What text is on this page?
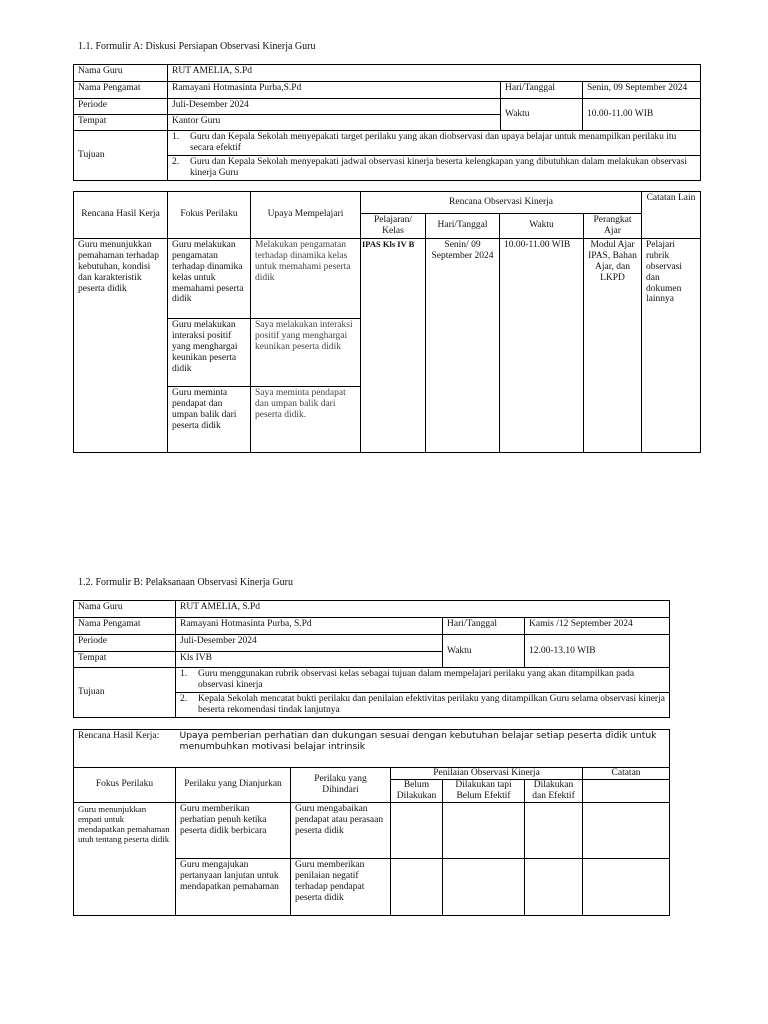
1.1. Formulir A: Diskusi Persiapan Observasi Kinerja Guru
Nama Guru	RUT AMELIA, S.Pd		
Nama Pengamat	Ramayani Hotmasinta Purba,S.Pd	Hari/Tanggal	Senin, 09 September 2024
Periode	Juli-Desember 2024	Waktu	10.00-11.00 WIB
Tempat	Kantor Guru		
Tujuan	1. Guru dan Kepala Sekolah menyepakati target perilaku yang akan diobservasi dan upaya belajar untuk menampilkan perilaku itu secara efektif		

	2. Guru dan Kepala Sekolah menyepakati jadwal observasi kinerja beserta kelengkapan yang dibutuhkan dalam melakukan observasi kinerja Guru		
Rencana Hasil Kerja	Fokus Perilaku	Upaya Mempelajari	Rencana Observasi Kinerja				Catatan Lain
			Pelajaran/ Kelas	Hari/Tanggal	Waktu	Perangkat Ajar	
Guru menunjukkan pemahaman terhadap kebutuhan, kondisi dan karakteristik peserta didik	Guru melakukan pengamatan terhadap dinamika kelas untuk memahami peserta didik	Melakukan pengamatan terhadap dinamika kelas untuk memahami peserta didik	IPAS Kls IV B	Senin/ 09 September 2024	10.00-11.00 WIB	Modul Ajar IPAS, Bahan Ajar, dan LKPD	Pelajari rubrik observasi dan dokumen lainnya
	Guru melakukan interaksi positif yang menghargai keunikan peserta didik	Saya melakukan interaksi positif yang menghargai keunikan peserta didik					
	Guru meminta pendapat dan umpan balik dari peserta didik	Saya meminta pendapat dan umpan balik dari peserta didik.					
1.2. Formulir B: Pelaksanaan Observasi Kinerja Guru
Nama Guru	RUT AMELIA, S.Pd		
Nama Pengamat	Ramayani Hotmasinta Purba, S.Pd	Hari/Tanggal	Kamis /12 September 2024
Periode	Juli-Desember 2024	Waktu	12.00-13.10 WIB
Tempat	Kls IVB		
Tujuan	1. Guru menggunakan rubrik observasi kelas sebagai tujuan dalam mempelajari perilaku yang akan ditampilkan pada observasi kinerja		

	2. Kepala Sekolah mencatat bukti perilaku dan penilaian efektivitas perilaku yang ditampilkan Guru selama observasi kinerja beserta rekomendasi tindak lanjutnya		
Rencana Hasil Kerja:	Upaya pemberian perhatian dan dukungan sesuai dengan kebutuhan belajar setiap peserta didik untuk menumbuhkan motivasi belajar intrinsik					
Fokus Perilaku	Perilaku yang Dianjurkan	Perilaku yang Dihindari	Penilaian Observasi Kinerja			Catatan
			Belum Dilakukan	Dilakukan tapi Belum Efektif	Dilakukan dan Efektif	
Guru menunjukkan empati untuk mendapatkan pemahaman utuh tentang peserta didik	Guru memberikan perhatian penuh ketika peserta didik berbicara	Guru mengabaikan pendapat atau perasaan peserta didik				
	Guru mengajukan pertanyaan lanjutan untuk mendapatkan pemahaman	Guru memberikan penilaian negatif terhadap pendapat peserta didik				
